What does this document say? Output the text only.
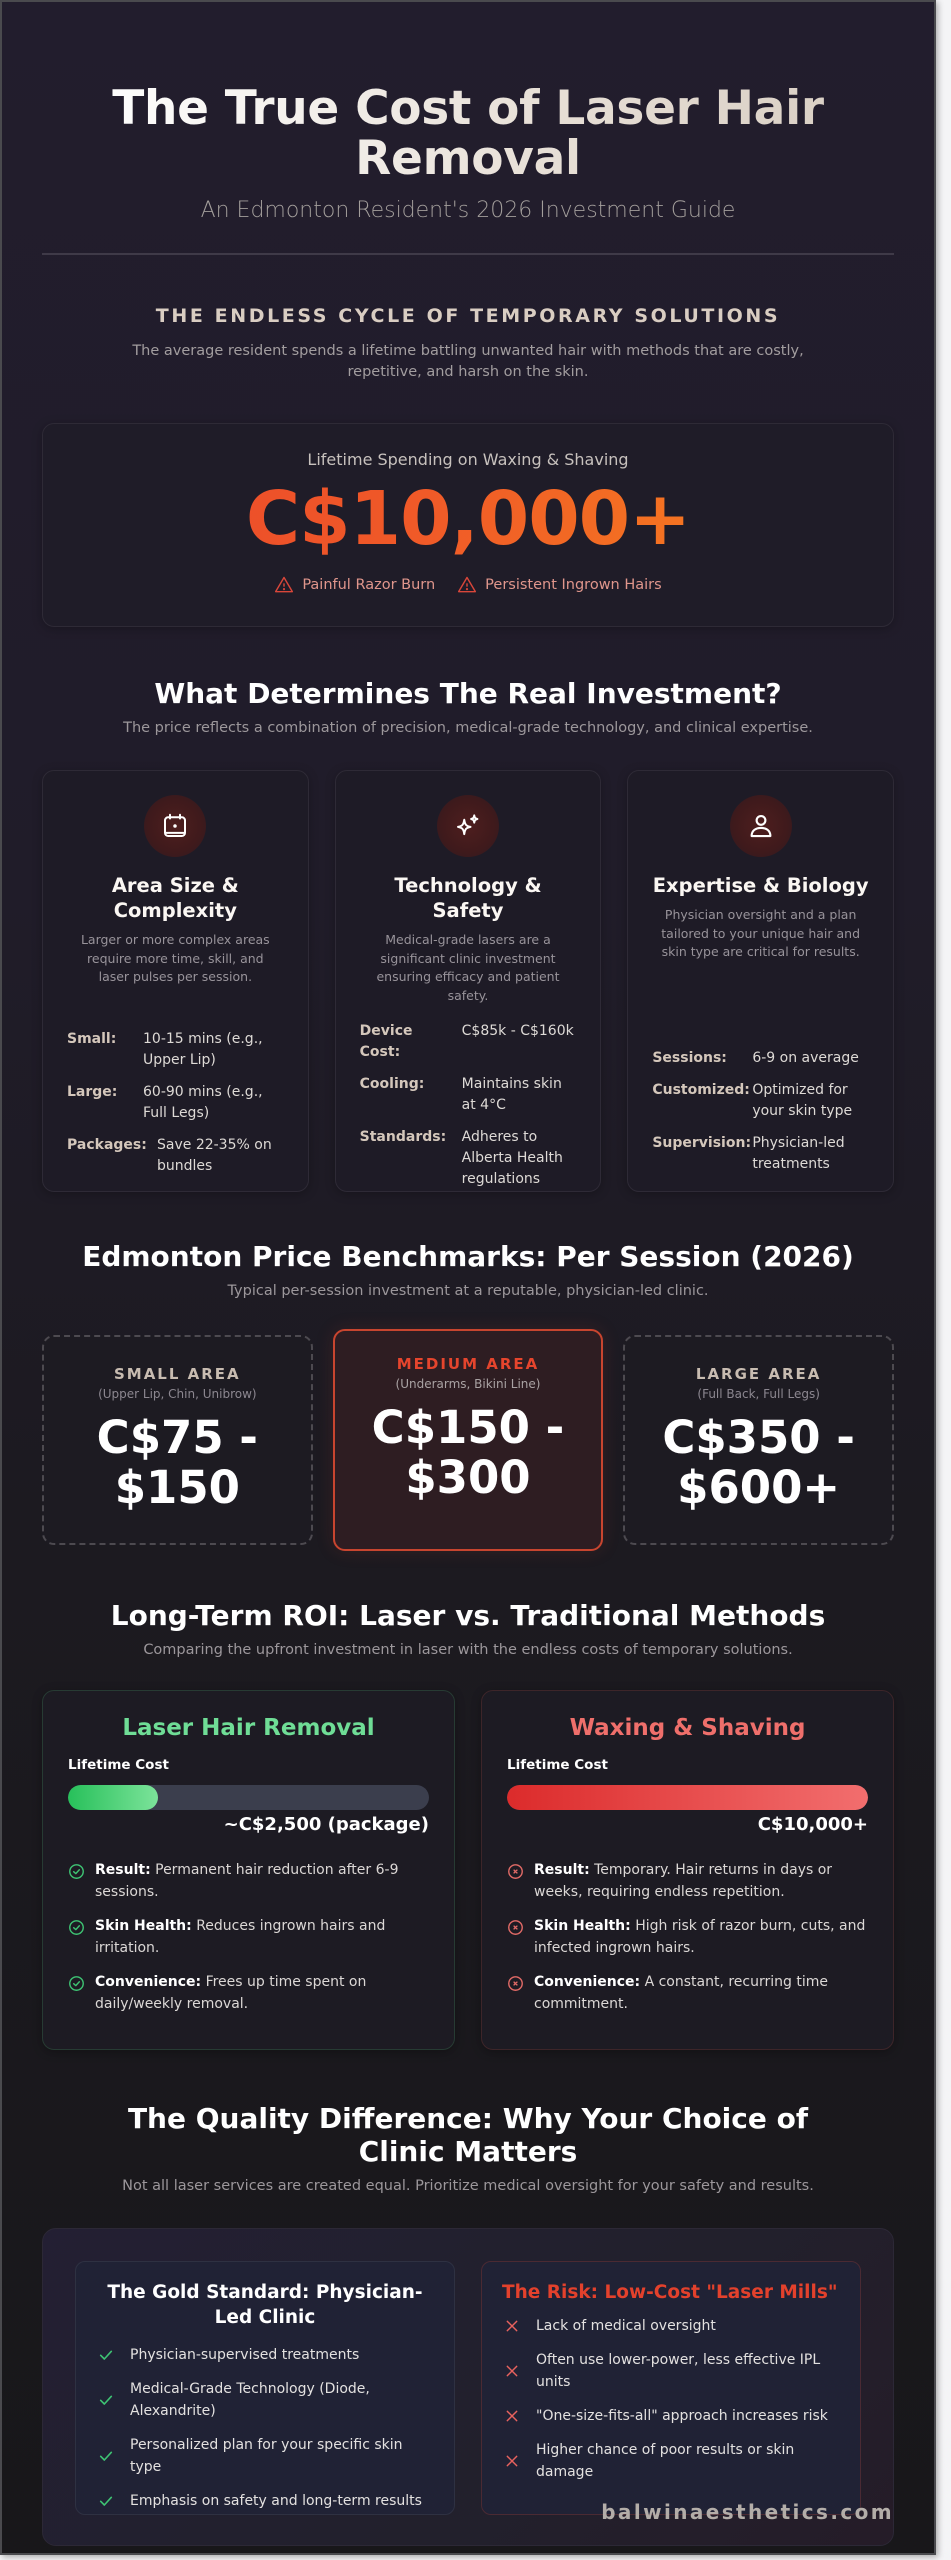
The True Cost of Laser Hair Removal
An Edmonton Resident's 2026 Investment Guide
THE ENDLESS CYCLE OF TEMPORARY SOLUTIONS

The average resident spends a lifetime battling unwanted hair with methods that are costly, repetitive, and harsh on the skin.

Lifetime Spending on Waxing & Shaving
C$10,000+
Painful Razor Burn	Persistent Ingrown Hairs
What Determines The Real Investment?

The price reflects a combination of precision, medical-grade technology, and clinical expertise.

Area Size & Complexity

Larger or more complex areas require more time, skill, and laser pulses per session.

Small:	10-15 mins (e.g., Upper Lip)
Large:	60-90 mins (e.g., Full Legs)
Packages: Save 22-35% on bundles
Technology & Safety

Medical-grade lasers are a significant clinic investment ensuring efficacy and patient safety.

Device Cost:
C$85k - C$160k
Cooling:	Maintains skin at 4°C
Standards: Adheres to Alberta Health regulations
Expertise & Biology

Physician oversight and a plan tailored to your unique hair and skin type are critical for results.

Sessions:	6-9 on average
Customized: Optimized for your skin type
Supervision: Physician-led treatments
Edmonton Price Benchmarks: Per Session (2026)

Typical per-session investment at a reputable, physician-led clinic.

SMALL AREA
(Upper Lip, Chin, Unibrow)
C$75 -
$150
MEDIUM AREA
(Underarms, Bikini Line)
C$150 -
$300
LARGE AREA
(Full Back, Full Legs)
C$350 -
$600+
Long-Term ROI: Laser vs. Traditional Methods

Comparing the upfront investment in laser with the endless costs of temporary solutions.

Laser Hair Removal
Lifetime Cost
~C$2,500 (package)
Result: Permanent hair reduction after 6-9 sessions.
Skin Health: Reduces ingrown hairs and irritation.
Convenience: Frees up time spent on daily/weekly removal.
Waxing & Shaving
Lifetime Cost
C$10,000+
Result: Temporary. Hair returns in days or weeks, requiring endless repetition.
Skin Health: High risk of razor burn, cuts, and infected ingrown hairs.
Convenience: A constant, recurring time commitment.
The Quality Difference: Why Your Choice of Clinic Matters

Not all laser services are created equal. Prioritize medical oversight for your safety and results.

The Gold Standard: Physician-Led Clinic
Physician-supervised treatments
Medical-Grade Technology (Diode, Alexandrite)
Personalized plan for your specific skin type
Emphasis on safety and long-term results
The Risk: Low-Cost "Laser Mills"
Lack of medical oversight
Often use lower-power, less effective IPL units
"One-size-fits-all" approach increases risk
Higher chance of poor results or skin damage
balwinaesthetics.com
